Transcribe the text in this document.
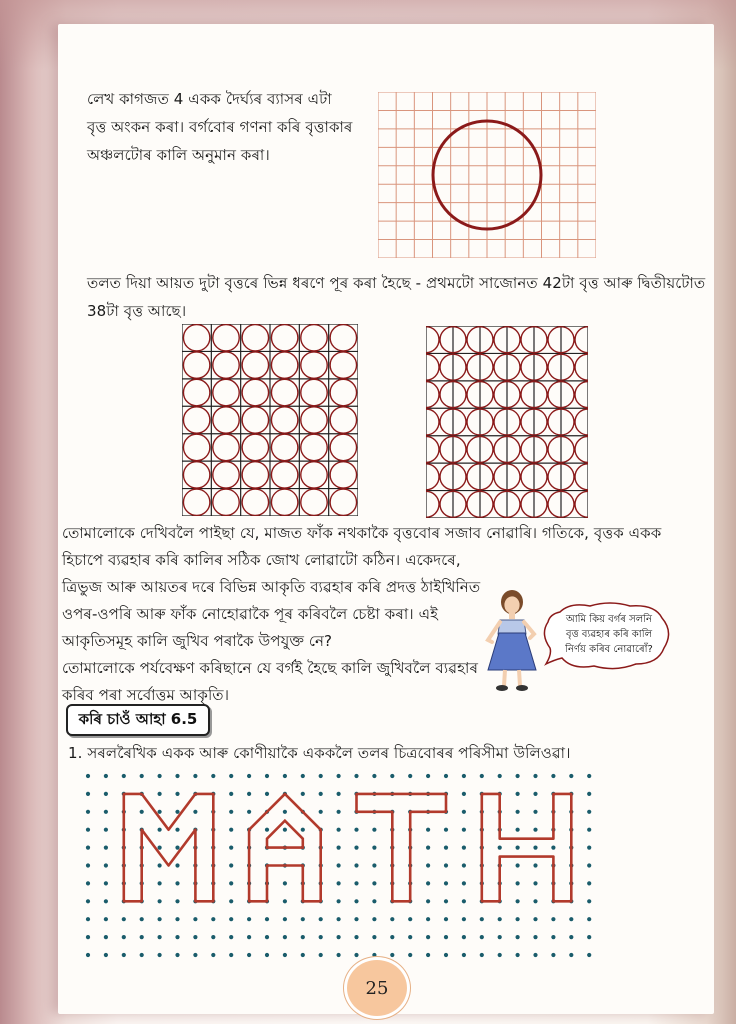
লেখ কাগজত 4 একক দৈৰ্ঘ্যৰ ব্যাসৰ এটা
বৃত্ত অংকন কৰা। বৰ্গবোৰ গণনা কৰি বৃত্তাকাৰ
অঞ্চলটোৰ কালি অনুমান কৰা।
তলত দিয়া আয়ত দুটা বৃত্তৰে ভিন্ন ধৰণে পূৰ কৰা হৈছে - প্ৰথমটো সাজোনত 42টা বৃত্ত আৰু দ্বিতীয়টোত
38টা বৃত্ত আছে।
তোমালোকে দেখিবলৈ পাইছা যে, মাজত ফাঁক নথকাকৈ বৃত্তবোৰ সজাব নোৱাৰি। গতিকে, বৃত্তক একক
হিচাপে ব্যৱহাৰ কৰি কালিৰ সঠিক জোখ লোৱাটো কঠিন। একেদৰে,
ত্ৰিভুজ আৰু আয়তৰ দৰে বিভিন্ন আকৃতি ব্যৱহাৰ কৰি প্ৰদত্ত ঠাইখিনিত
ওপৰ-ওপৰি আৰু ফাঁক নোহোৱাকৈ পূৰ কৰিবলৈ চেষ্টা কৰা। এই
আকৃতিসমূহ কালি জুখিব পৰাকৈ উপযুক্ত নে?
তোমালোকে পৰ্যবেক্ষণ কৰিছানে যে বৰ্গই হৈছে কালি জুখিবলৈ ব্যৱহাৰ
কৰিব পৰা সৰ্বোত্তম আকৃতি।
আমি কিয় বৰ্গৰ সলনি
বৃত্ত ব্যৱহাৰ কৰি কালি
নিৰ্ণয় কৰিব নোৱাৰোঁ?
কৰি চাওঁ আহা 6.5
1. সৰলৰৈখিক একক আৰু কোণীয়াকৈ এককলৈ তলৰ চিত্ৰবোৰৰ পৰিসীমা উলিওৱা।
25
